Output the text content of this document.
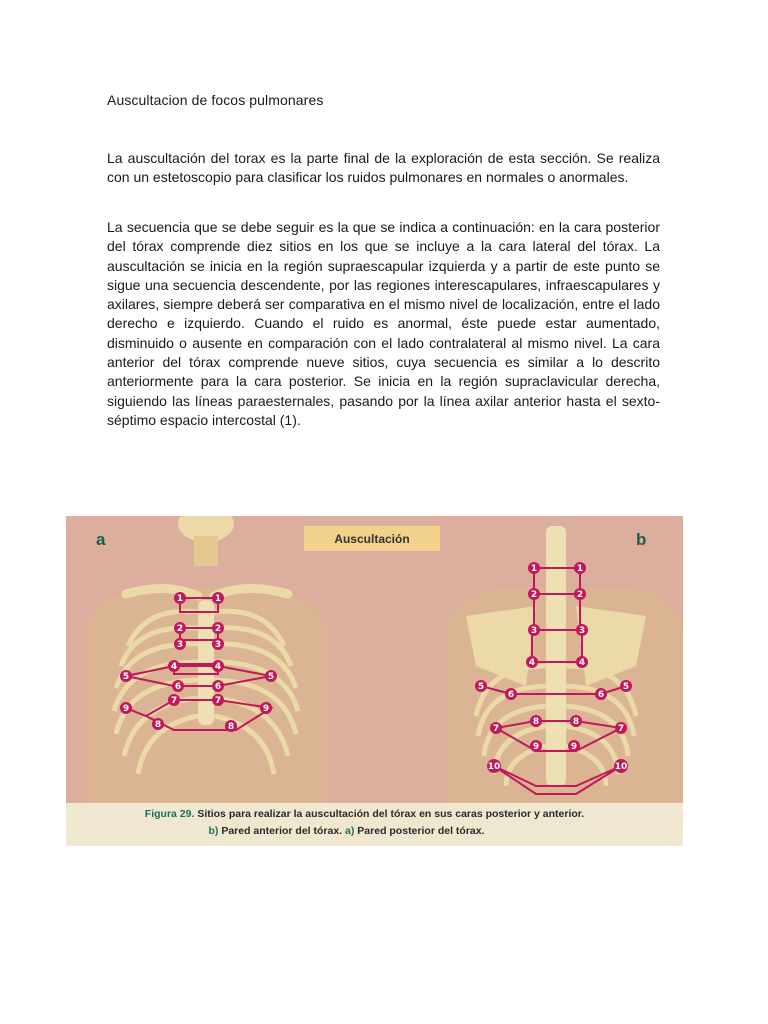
Auscultacion de focos pulmonares

La auscultación del torax es la parte final de la exploración de esta sección. Se realiza con un estetoscopio para clasificar los ruidos pulmonares en normales o anormales.

La secuencia que se debe seguir es la que se indica a continuación: en la cara posterior del tórax comprende diez sitios en los que se incluye a la cara lateral del tórax. La auscultación se inicia en la región supraescapular izquierda y a partir de este punto se sigue una secuencia descendente, por las regiones interescapulares, infraescapulares y axilares, siempre deberá ser comparativa en el mismo nivel de localización, entre el lado derecho e izquierdo. Cuando el ruido es anormal, éste puede estar aumentado, disminuido o ausente en comparación con el lado contralateral al mismo nivel. La cara anterior del tórax comprende nueve sitios, cuya secuencia es similar a lo descrito anteriormente para la cara posterior. Se inicia en la región supraclavicular derecha, siguiendo las líneas paraesternales, pasando por la línea axilar anterior hasta el sexto-séptimo espacio intercostal (1).

1	1
2	2
3	3
4	4
5	5
6	6
7	7
8	8
9	9
1	1
2	2
3	3
4	4
5	5
6	6
7	7
8	8
9	9
10	10
a	b
Auscultación
Figura 29. Sitios para realizar la auscultación del tórax en sus caras posterior y anterior.
b) Pared anterior del tórax. a) Pared posterior del tórax.
